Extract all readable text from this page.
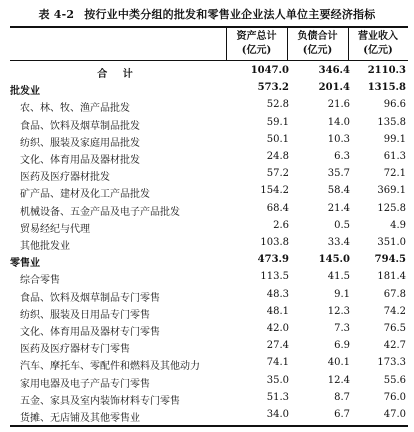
表 4-2 按行业中类分组的批发和零售业企业法人单位主要经济指标
资产总计
(亿元)
负债合计
(亿元)
营业收入
(亿元)
合 计	1047.0	346.4	2110.3
批发业	573.2	201.4	1315.8
农、林、牧、渔产品批发	52.8	21.6	96.6
食品、饮料及烟草制品批发	59.1	14.0	135.8
纺织、服装及家庭用品批发	50.1	10.3	99.1
文化、体育用品及器材批发	24.8	6.3	61.3
医药及医疗器材批发	57.2	35.7	72.1
矿产品、建材及化工产品批发	154.2	58.4	369.1
机械设备、五金产品及电子产品批发	68.4	21.4	125.8
贸易经纪与代理	2.6	0.5	4.9
其他批发业	103.8	33.4	351.0
零售业	473.9	145.0	794.5
综合零售	113.5	41.5	181.4
食品、饮料及烟草制品专门零售	48.3	9.1	67.8
纺织、服装及日用品专门零售	48.1	12.3	74.2
文化、体育用品及器材专门零售	42.0	7.3	76.5
医药及医疗器材专门零售	27.4	6.9	42.7
汽车、摩托车、零配件和燃料及其他动力	74.1	40.1	173.3
家用电器及电子产品专门零售	35.0	12.4	55.6
五金、家具及室内装饰材料专门零售	51.3	8.7	76.0
货摊、无店铺及其他零售业	34.0	6.7	47.0
